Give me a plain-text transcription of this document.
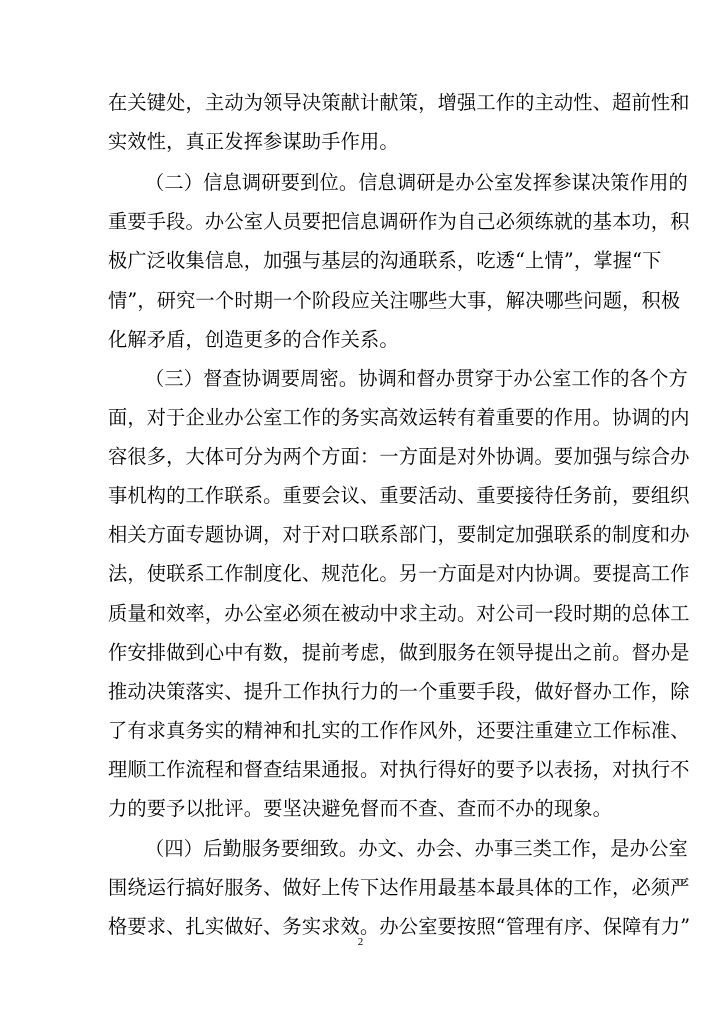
在关键处，主动为领导决策献计献策，增强工作的主动性、超前性和
实效性，真正发挥参谋助手作用。
（二）信息调研要到位。信息调研是办公室发挥参谋决策作用的
重要手段。办公室人员要把信息调研作为自己必须练就的基本功，积
极广泛收集信息，加强与基层的沟通联系，吃透“上情”，掌握“下
情”，研究一个时期一个阶段应关注哪些大事，解决哪些问题，积极
化解矛盾，创造更多的合作关系。
（三）督查协调要周密。协调和督办贯穿于办公室工作的各个方
面，对于企业办公室工作的务实高效运转有着重要的作用。协调的内
容很多，大体可分为两个方面：一方面是对外协调。要加强与综合办
事机构的工作联系。重要会议、重要活动、重要接待任务前，要组织
相关方面专题协调，对于对口联系部门，要制定加强联系的制度和办
法，使联系工作制度化、规范化。另一方面是对内协调。要提高工作
质量和效率，办公室必须在被动中求主动。对公司一段时期的总体工
作安排做到心中有数，提前考虑，做到服务在领导提出之前。督办是
推动决策落实、提升工作执行力的一个重要手段，做好督办工作，除
了有求真务实的精神和扎实的工作作风外，还要注重建立工作标准、
理顺工作流程和督查结果通报。对执行得好的要予以表扬，对执行不
力的要予以批评。要坚决避免督而不查、查而不办的现象。
（四）后勤服务要细致。办文、办会、办事三类工作，是办公室
围绕运行搞好服务、做好上传下达作用最基本最具体的工作，必须严
格要求、扎实做好、务实求效。办公室要按照“管理有序、保障有力”
2
